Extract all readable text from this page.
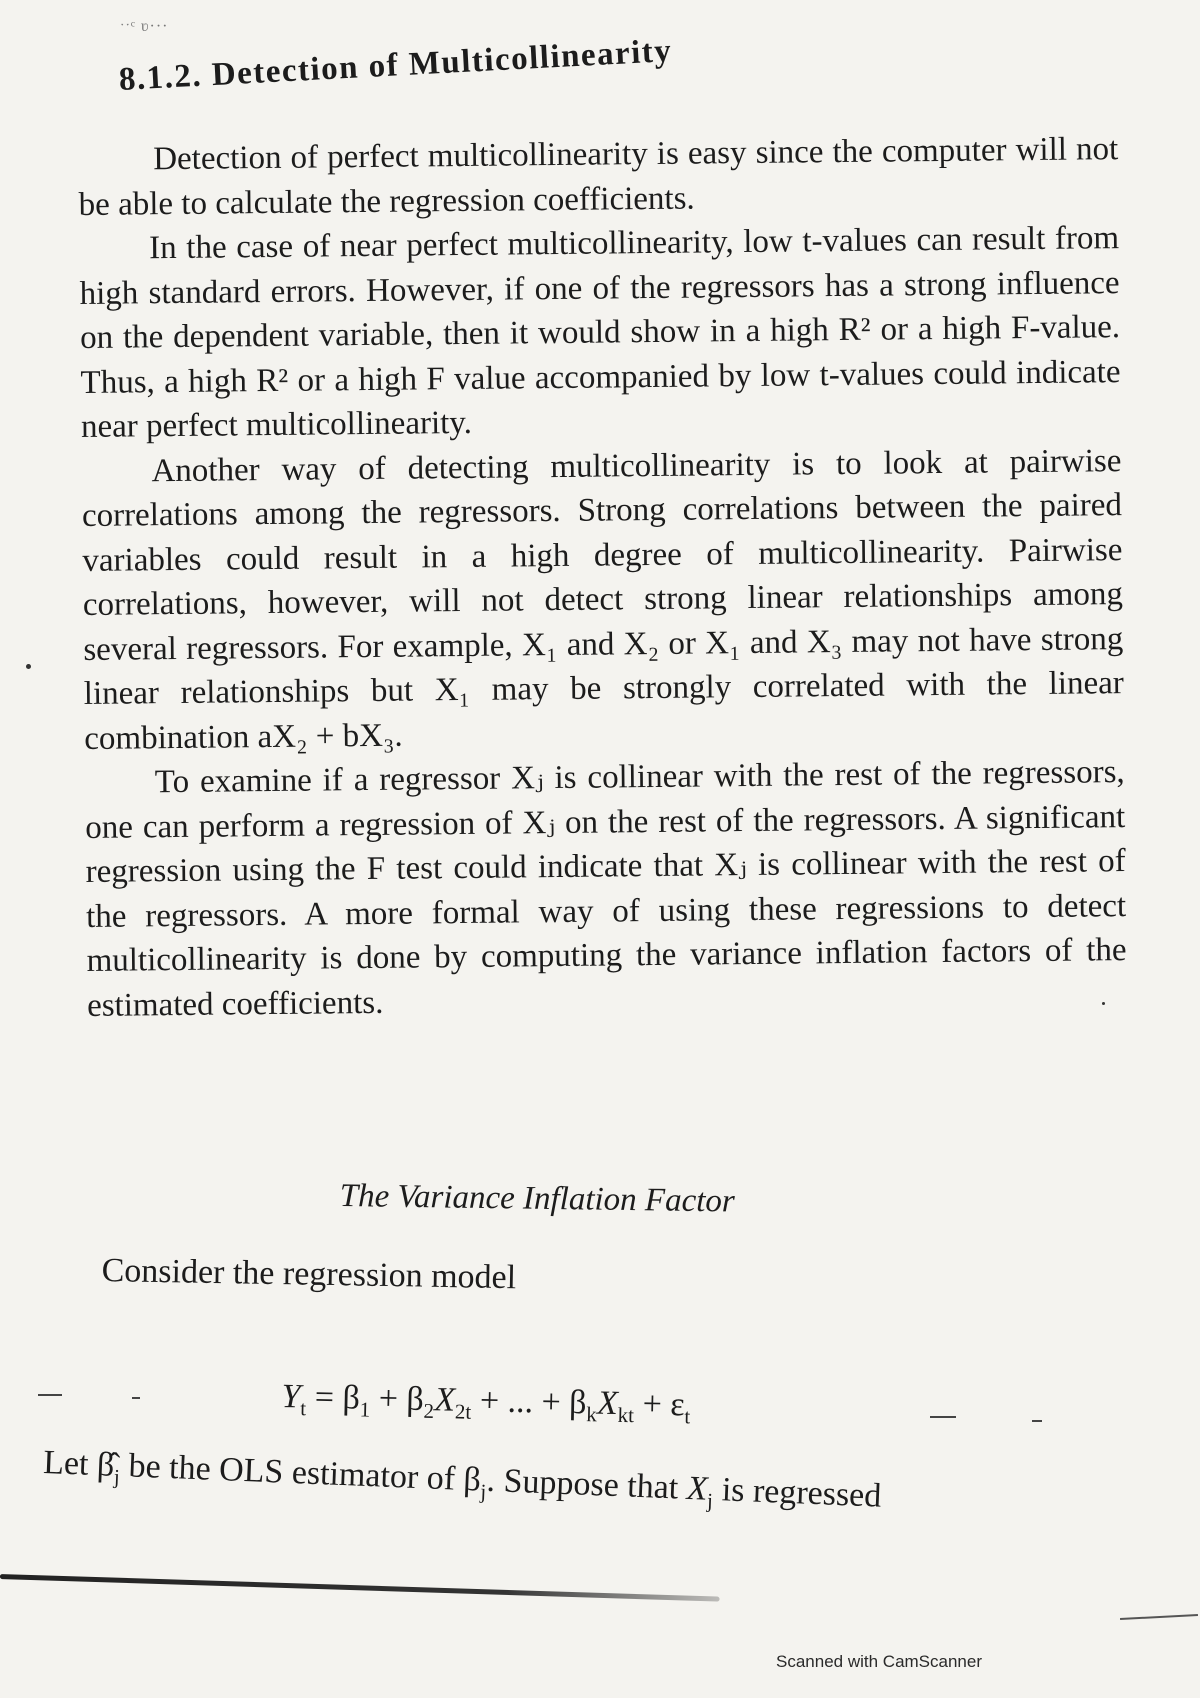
ˑˑᶜ ʋ···
8.1.2. Detection of Multicollinearity

Detection of perfect multicollinearity is easy since the computer will not be able to calculate the regression coefficients.

In the case of near perfect multicollinearity, low t-values can result from high standard errors. However, if one of the regressors has a strong influence on the dependent variable, then it would show in a high R² or a high F-value. Thus, a high R² or a high F value accompanied by low t-values could indicate near perfect multicollinearity.

Another way of detecting multicollinearity is to look at pairwise correlations among the regressors. Strong correlations between the paired variables could result in a high degree of multicollinearity. Pairwise correlations, however, will not detect strong linear relationships among several regressors. For example, X₁ and X₂ or X₁ and X₃ may not have strong linear relationships but X₁ may be strongly correlated with the linear combination aX₂ + bX₃.

To examine if a regressor Xⱼ is collinear with the rest of the regressors, one can perform a regression of Xⱼ on the rest of the regressors. A significant regression using the F test could indicate that Xⱼ is collinear with the rest of the regressors. A more formal way of using these regressions to detect multicollinearity is done by computing the variance inflation factors of the estimated coefficients.

The Variance Inflation Factor
Consider the regression model
$Y_t = \beta_1 + \beta_2X_{2t}$ + ... + $\beta_kX_{kt} + \varepsilon_t$
Let $\betâ_j$ be the OLS estimator of $\beta_j$. Suppose that $X_j$ is regressed
Scanned with CamScanner
